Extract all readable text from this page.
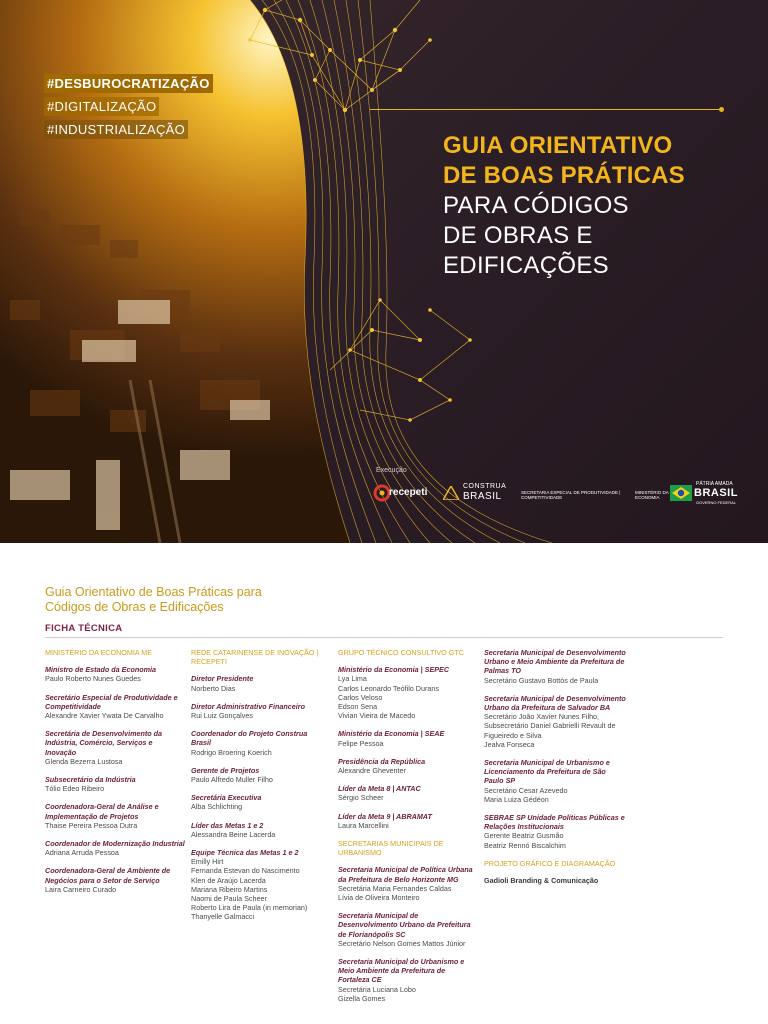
#DESBUROCRATIZAÇÃO
#DIGITALIZAÇÃO
#INDUSTRIALIZAÇÃO
GUIA ORIENTATIVO
DE BOAS PRÁTICAS
PARA CÓDIGOS
DE OBRAS E
EDIFICAÇÕES
Execução
recepeti
CONSTRUA
BRASIL	SECRETARIA ESPECIAL DE PRODUTIVIDADE | COMPETITIVIDADE
MINISTÉRIO DA ECONOMIA
PÁTRIA AMADA
BRASIL
GOVERNO FEDERAL
Guia Orientativo de Boas Práticas para
Códigos de Obras e Edificações
FICHA TÉCNICA
MINISTÉRIO DA ECONOMIA ME
Ministro de Estado da Economia
Paulo Roberto Nunes Guedes
Secretário Especial de Produtividade e Competitividade
Alexandre Xavier Ywata De Carvalho
Secretária de Desenvolvimento da Indústria, Comércio, Serviços e Inovação
Glenda Bezerra Lustosa
Subsecretário da Indústria
Tólio Edeo Ribeiro
Coordenadora-Geral de Análise e Implementação de Projetos
Thaise Pereira Pessoa Dutra
Coordenador de Modernização Industrial
Adriana Arruda Pessoa
Coordenadora-Geral de Ambiente de Negócios para o Setor de Serviço
Laira Carneiro Curado
REDE CATARINENSE DE INOVAÇÃO | RECEPETI
Diretor Presidente
Norberto Dias
Diretor Administrativo Financeiro
Rui Luiz Gonçalves
Coordenador do Projeto Construa Brasil
Rodrigo Broering Koerich
Gerente de Projetos
Paulo Alfredo Muller Filho
Secretária Executiva
Alba Schlichting
Líder das Metas 1 e 2
Alessandra Beine Lacerda
Equipe Técnica das Metas 1 e 2
Emilly Hirt
Fernanda Estevan do Nascimento
Klen de Araújo Lacerda
Mariana Ribeiro Martins
Naomi de Paula Scheer
Roberto Lira de Paula (in memorian)
Thanyelle Galmacci
GRUPO TÉCNICO CONSULTIVO GTC
Ministério da Economia | SEPEC
Lya Lima
Carlos Leonardo Teófilo Durans
Carlos Veloso
Edson Sena
Vivian Vieira de Macedo
Ministério da Economia | SEAE
Felipe Pessoa
Presidência da República
Alexandre Gheventer
Líder da Meta 8 | ANTAC
Sérgio Scheer
Líder da Meta 9 | ABRAMAT
Laura Marcellini
SECRETARIAS MUNICIPAIS DE URBANISMO
Secretaria Municipal de Política Urbana da Prefeitura de Belo Horizonte MG
Secretária Maria Fernandes Caldas
Lívia de Oliveira Monteiro
Secretaria Municipal de Desenvolvimento Urbano da Prefeitura de Florianópolis SC
Secretário Nelson Gomes Mattos Júnior
Secretaria Municipal do Urbanismo e Meio Ambiente da Prefeitura de Fortaleza CE
Secretária Luciana Lobo
Gizella Gomes
Secretaria Municipal de Desenvolvimento Urbano e Meio Ambiente da Prefeitura de Palmas TO
Secretário Gustavo Bottós de Paula
Secretaria Municipal de Desenvolvimento Urbano da Prefeitura de Salvador BA
Secretário João Xavier Nunes Filho,
Subsecretário Daniel Gabrielli Revault de Figueiredo e Silva
Jealva Fonseca
Secretaria Municipal de Urbanismo e Licenciamento da Prefeitura de São Paulo SP
Secretário Cesar Azevedo
Maria Luiza Gédéon
SEBRAE SP Unidade Políticas Públicas e Relações Institucionais
Gerente Beatriz Gusmão
Beatriz Rennó Biscalchim
PROJETO GRÁFICO E DIAGRAMAÇÃO
Gadioli Branding & Comunicação
